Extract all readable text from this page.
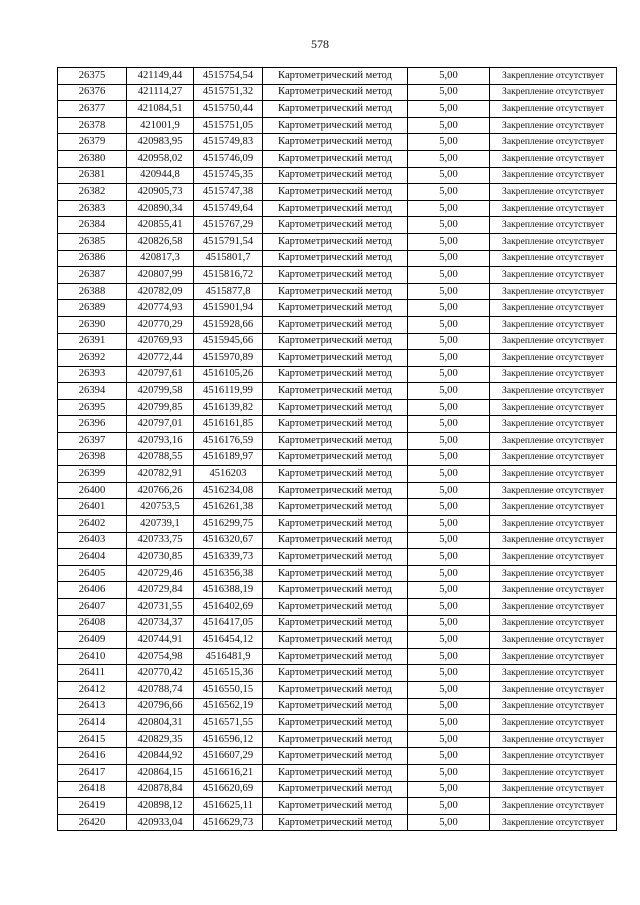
578
26375	421149,44	4515754,54	Картометрический метод	5,00	Закрепление отсутствует
26376	421114,27	4515751,32	Картометрический метод	5,00	Закрепление отсутствует
26377	421084,51	4515750,44	Картометрический метод	5,00	Закрепление отсутствует
26378	421001,9	4515751,05	Картометрический метод	5,00	Закрепление отсутствует
26379	420983,95	4515749,83	Картометрический метод	5,00	Закрепление отсутствует
26380	420958,02	4515746,09	Картометрический метод	5,00	Закрепление отсутствует
26381	420944,8	4515745,35	Картометрический метод	5,00	Закрепление отсутствует
26382	420905,73	4515747,38	Картометрический метод	5,00	Закрепление отсутствует
26383	420890,34	4515749,64	Картометрический метод	5,00	Закрепление отсутствует
26384	420855,41	4515767,29	Картометрический метод	5,00	Закрепление отсутствует
26385	420826,58	4515791,54	Картометрический метод	5,00	Закрепление отсутствует
26386	420817,3	4515801,7	Картометрический метод	5,00	Закрепление отсутствует
26387	420807,99	4515816,72	Картометрический метод	5,00	Закрепление отсутствует
26388	420782,09	4515877,8	Картометрический метод	5,00	Закрепление отсутствует
26389	420774,93	4515901,94	Картометрический метод	5,00	Закрепление отсутствует
26390	420770,29	4515928,66	Картометрический метод	5,00	Закрепление отсутствует
26391	420769,93	4515945,66	Картометрический метод	5,00	Закрепление отсутствует
26392	420772,44	4515970,89	Картометрический метод	5,00	Закрепление отсутствует
26393	420797,61	4516105,26	Картометрический метод	5,00	Закрепление отсутствует
26394	420799,58	4516119,99	Картометрический метод	5,00	Закрепление отсутствует
26395	420799,85	4516139,82	Картометрический метод	5,00	Закрепление отсутствует
26396	420797,01	4516161,85	Картометрический метод	5,00	Закрепление отсутствует
26397	420793,16	4516176,59	Картометрический метод	5,00	Закрепление отсутствует
26398	420788,55	4516189,97	Картометрический метод	5,00	Закрепление отсутствует
26399	420782,91	4516203	Картометрический метод	5,00	Закрепление отсутствует
26400	420766,26	4516234,08	Картометрический метод	5,00	Закрепление отсутствует
26401	420753,5	4516261,38	Картометрический метод	5,00	Закрепление отсутствует
26402	420739,1	4516299,75	Картометрический метод	5,00	Закрепление отсутствует
26403	420733,75	4516320,67	Картометрический метод	5,00	Закрепление отсутствует
26404	420730,85	4516339,73	Картометрический метод	5,00	Закрепление отсутствует
26405	420729,46	4516356,38	Картометрический метод	5,00	Закрепление отсутствует
26406	420729,84	4516388,19	Картометрический метод	5,00	Закрепление отсутствует
26407	420731,55	4516402,69	Картометрический метод	5,00	Закрепление отсутствует
26408	420734,37	4516417,05	Картометрический метод	5,00	Закрепление отсутствует
26409	420744,91	4516454,12	Картометрический метод	5,00	Закрепление отсутствует
26410	420754,98	4516481,9	Картометрический метод	5,00	Закрепление отсутствует
26411	420770,42	4516515,36	Картометрический метод	5,00	Закрепление отсутствует
26412	420788,74	4516550,15	Картометрический метод	5,00	Закрепление отсутствует
26413	420796,66	4516562,19	Картометрический метод	5,00	Закрепление отсутствует
26414	420804,31	4516571,55	Картометрический метод	5,00	Закрепление отсутствует
26415	420829,35	4516596,12	Картометрический метод	5,00	Закрепление отсутствует
26416	420844,92	4516607,29	Картометрический метод	5,00	Закрепление отсутствует
26417	420864,15	4516616,21	Картометрический метод	5,00	Закрепление отсутствует
26418	420878,84	4516620,69	Картометрический метод	5,00	Закрепление отсутствует
26419	420898,12	4516625,11	Картометрический метод	5,00	Закрепление отсутствует
26420	420933,04	4516629,73	Картометрический метод	5,00	Закрепление отсутствует
